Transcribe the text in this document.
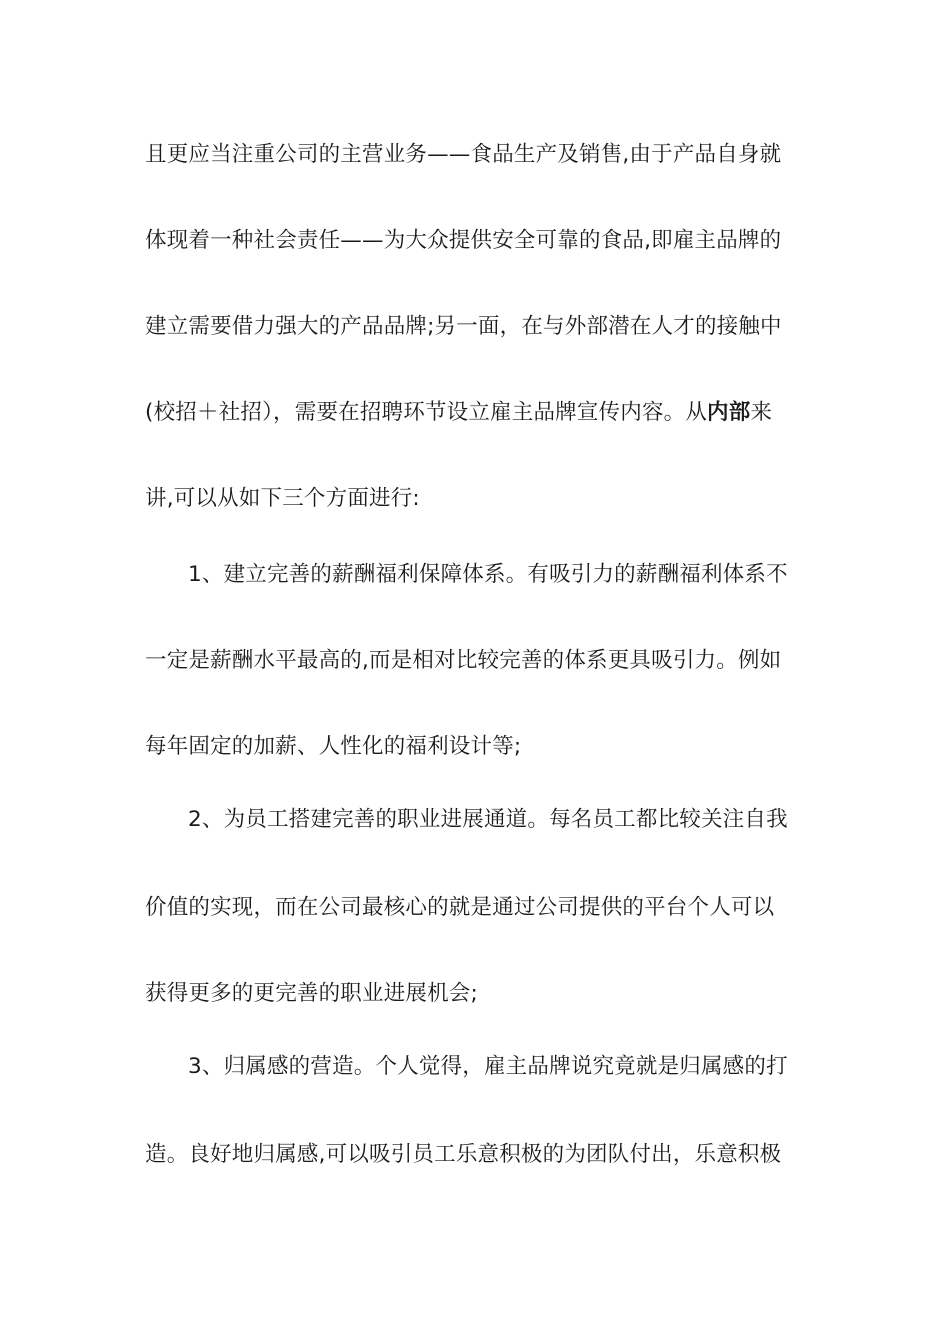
且更应当注重公司的主营业务——食品生产及销售,由于产品自身就
体现着一种社会责任——为大众提供安全可靠的食品,即雇主品牌的
建立需要借力强大的产品品牌;另一面，在与外部潜在人才的接触中
(校招＋社招），需要在招聘环节设立雇主品牌宣传内容。从内部来
讲,可以从如下三个方面进行:
1、建立完善的薪酬福利保障体系。有吸引力的薪酬福利体系不
一定是薪酬水平最高的,而是相对比较完善的体系更具吸引力。例如
每年固定的加薪、人性化的福利设计等;
2、为员工搭建完善的职业进展通道。每名员工都比较关注自我
价值的实现，而在公司最核心的就是通过公司提供的平台个人可以
获得更多的更完善的职业进展机会;
3、归属感的营造。个人觉得，雇主品牌说究竟就是归属感的打
造。良好地归属感,可以吸引员工乐意积极的为团队付出，乐意积极
